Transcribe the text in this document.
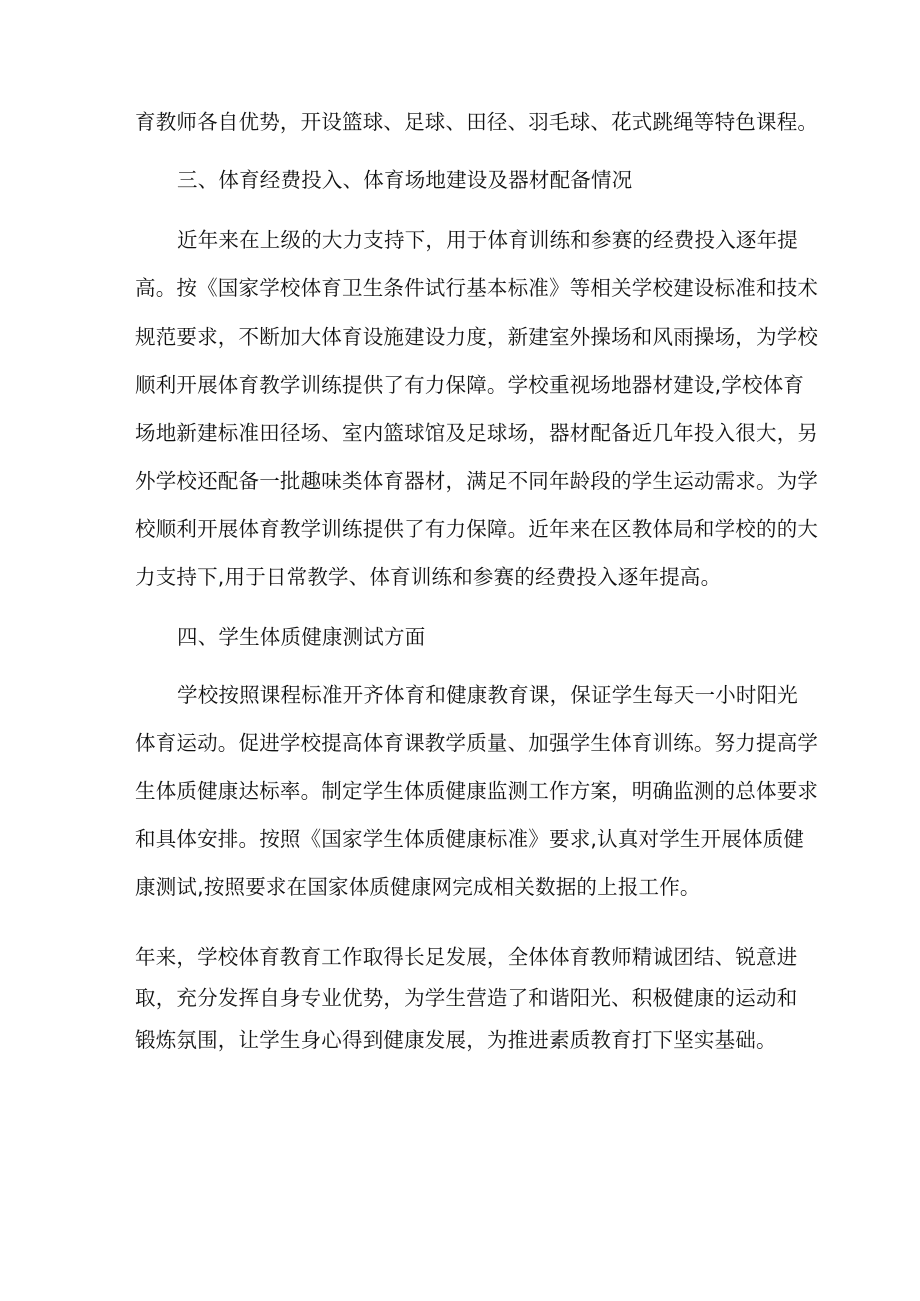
育教师各自优势，开设篮球、足球、田径、羽毛球、花式跳绳等特色课程。
三、体育经费投入、体育场地建设及器材配备情况
近年来在上级的大力支持下，用于体育训练和参赛的经费投入逐年提
高。按《国家学校体育卫生条件试行基本标准》等相关学校建设标准和技术
规范要求，不断加大体育设施建设力度，新建室外操场和风雨操场，为学校
顺利开展体育教学训练提供了有力保障。学校重视场地器材建设,学校体育
场地新建标准田径场、室内篮球馆及足球场，器材配备近几年投入很大，另
外学校还配备一批趣味类体育器材，满足不同年龄段的学生运动需求。为学
校顺利开展体育教学训练提供了有力保障。近年来在区教体局和学校的的大
力支持下,用于日常教学、体育训练和参赛的经费投入逐年提高。
四、学生体质健康测试方面
学校按照课程标准开齐体育和健康教育课，保证学生每天一小时阳光
体育运动。促进学校提高体育课教学质量、加强学生体育训练。努力提高学
生体质健康达标率。制定学生体质健康监测工作方案，明确监测的总体要求
和具体安排。按照《国家学生体质健康标准》要求,认真对学生开展体质健
康测试,按照要求在国家体质健康网完成相关数据的上报工作。
年来，学校体育教育工作取得长足发展，全体体育教师精诚团结、锐意进
取，充分发挥自身专业优势，为学生营造了和谐阳光、积极健康的运动和
锻炼氛围，让学生身心得到健康发展，为推进素质教育打下坚实基础。
